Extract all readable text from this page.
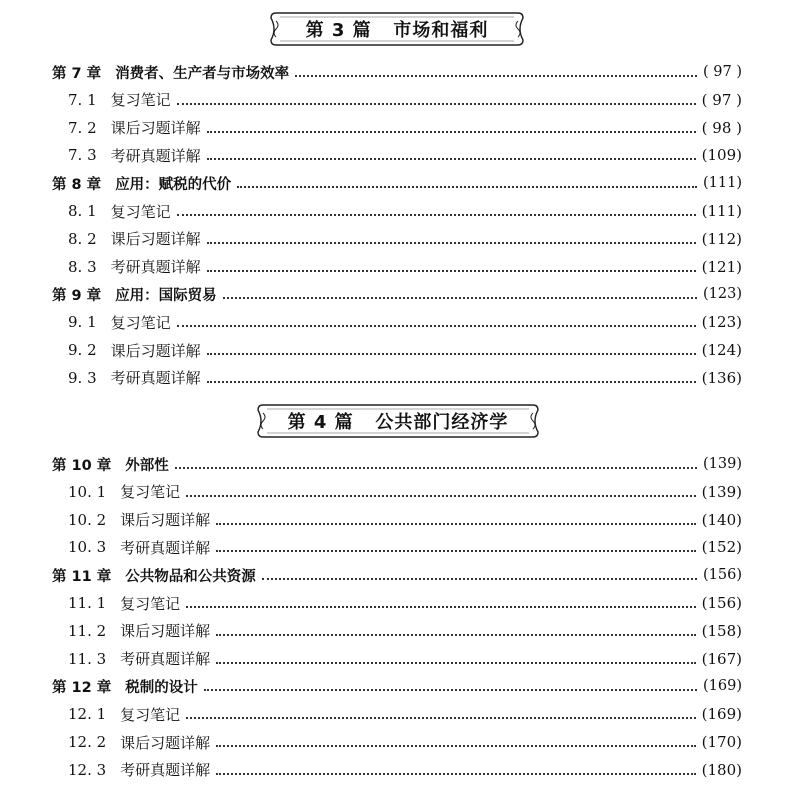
第 3 篇   市场和福利
第 7 章 消费者、生产者与市场效率	( 97 )
7. 1 复习笔记	( 97 )
7. 2 课后习题详解	( 98 )
7. 3 考研真题详解	(109)
第 8 章 应用：赋税的代价	(111)
8. 1 复习笔记	(111)
8. 2 课后习题详解	(112)
8. 3 考研真题详解	(121)
第 9 章 应用：国际贸易	(123)
9. 1 复习笔记	(123)
9. 2 课后习题详解	(124)
9. 3 考研真题详解	(136)
第 4 篇   公共部门经济学
第 10 章 外部性	(139)
10. 1 复习笔记	(139)
10. 2 课后习题详解	(140)
10. 3 考研真题详解	(152)
第 11 章 公共物品和公共资源	(156)
11. 1 复习笔记	(156)
11. 2 课后习题详解	(158)
11. 3 考研真题详解	(167)
第 12 章 税制的设计	(169)
12. 1 复习笔记	(169)
12. 2 课后习题详解	(170)
12. 3 考研真题详解	(180)
